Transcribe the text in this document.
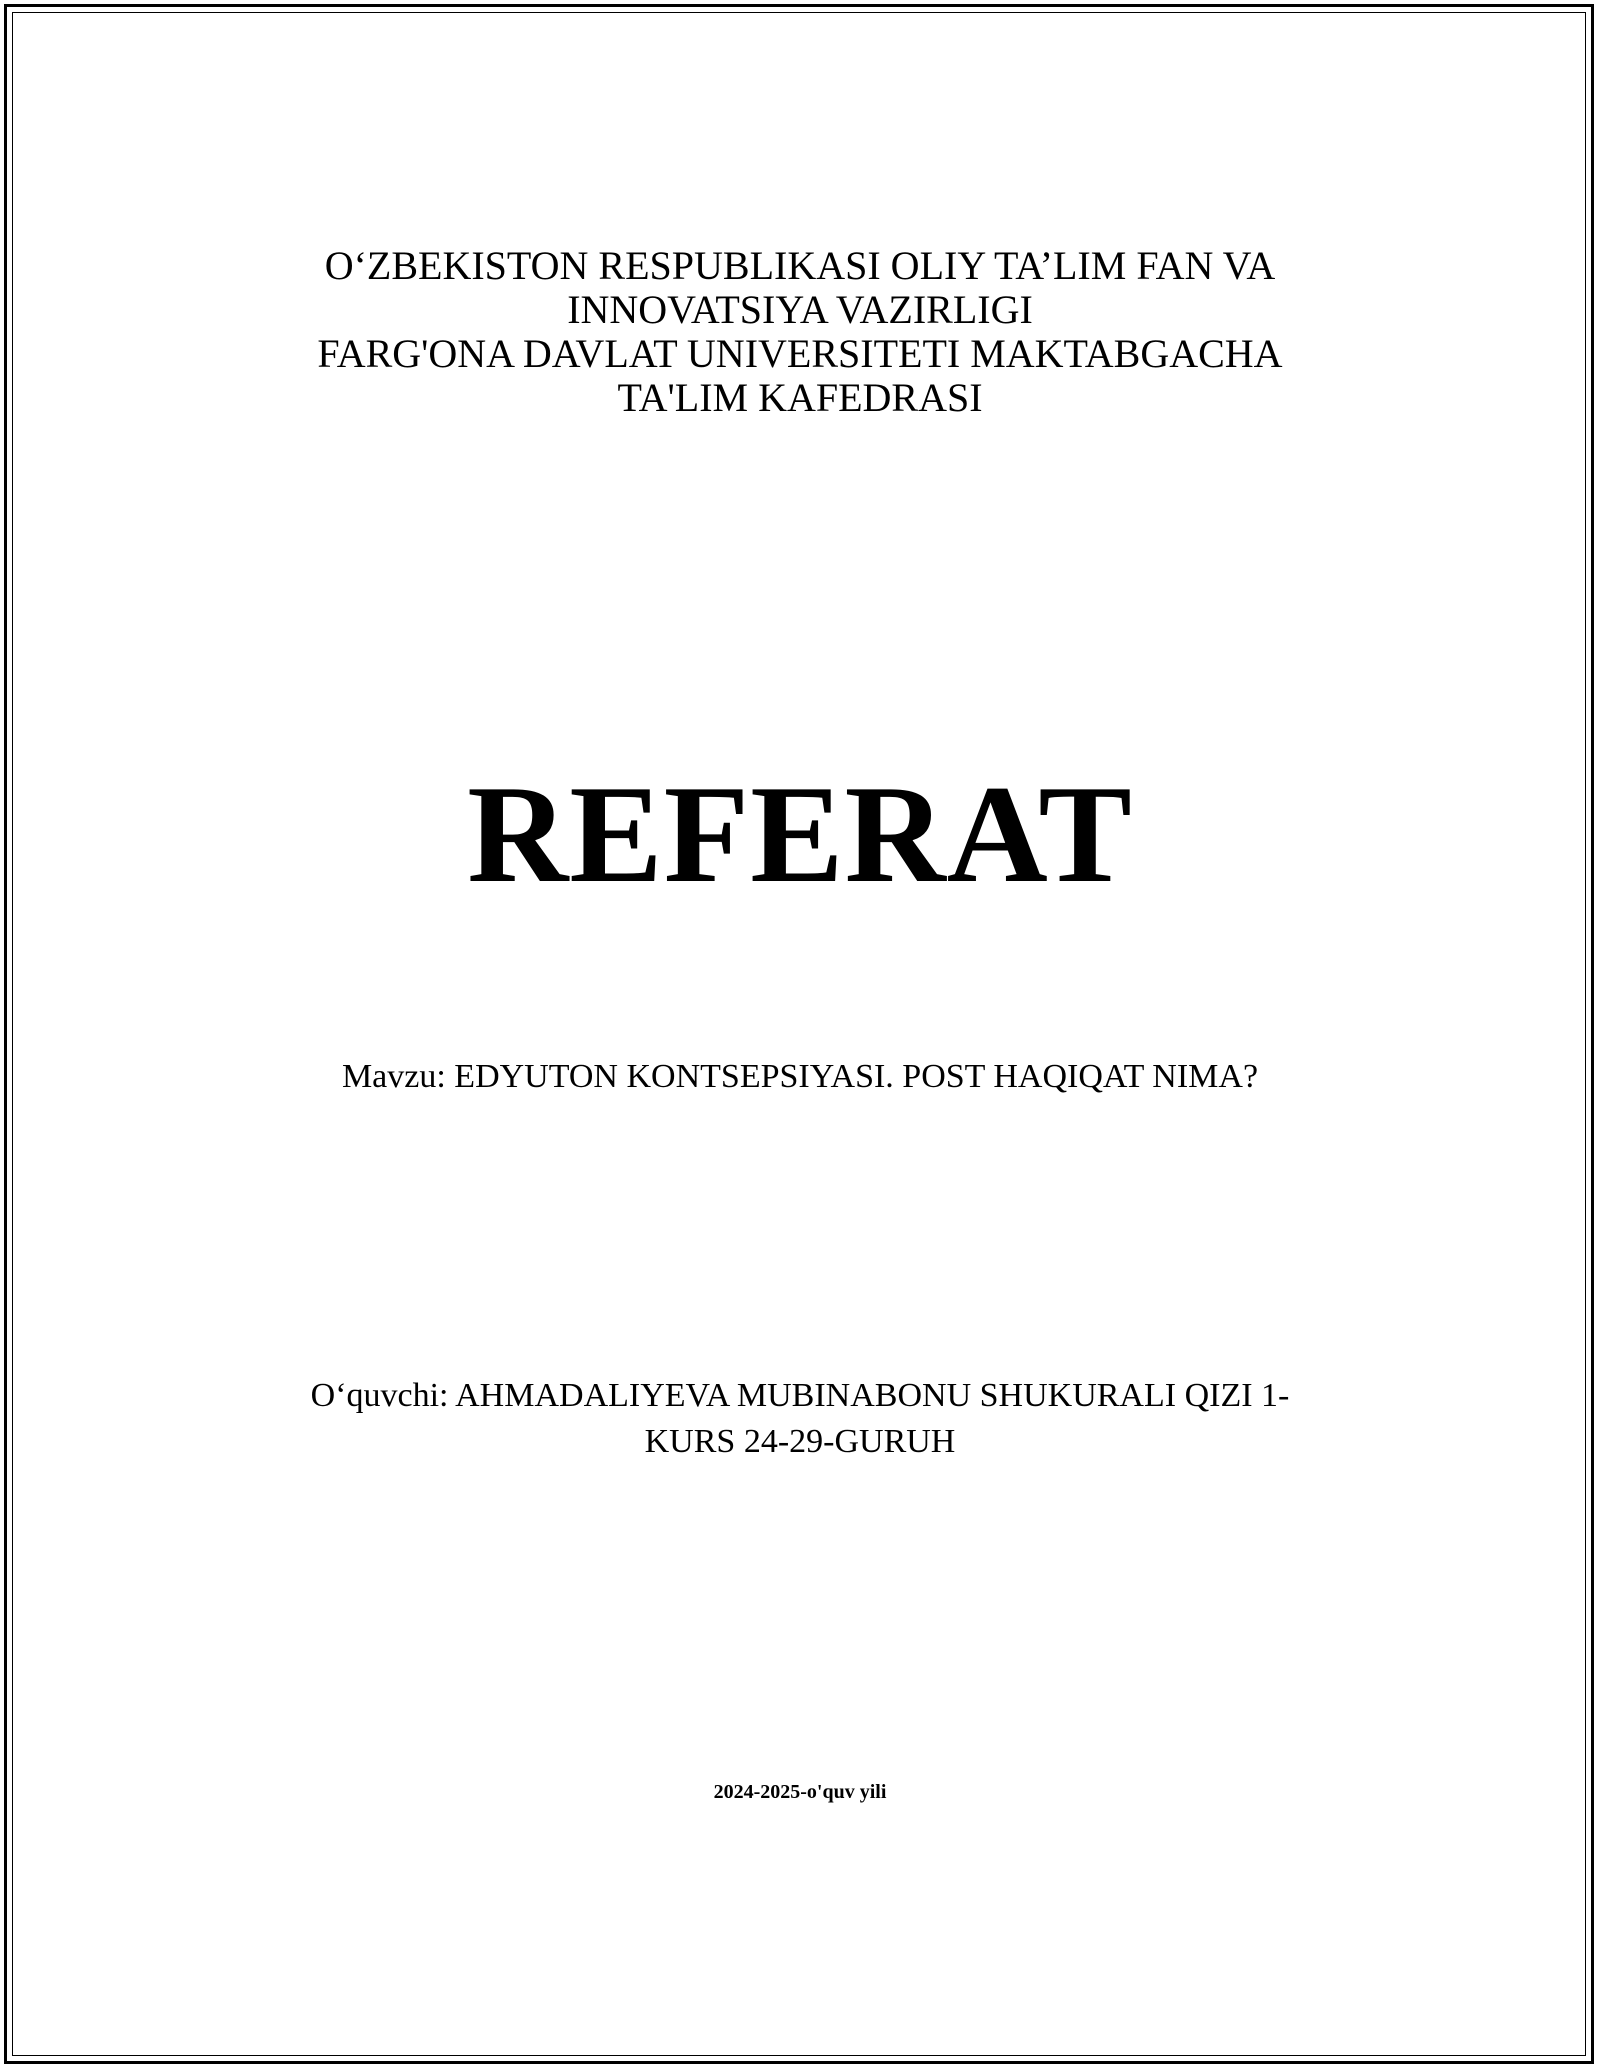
O‘ZBEKISTON RESPUBLIKASI OLIY TA’LIM FAN VA
INNOVATSIYA VAZIRLIGI
FARG'ONA DAVLAT UNIVERSITETI MAKTABGACHA
TA'LIM KAFEDRASI
REFERAT
Mavzu: EDYUTON KONTSEPSIYASI. POST HAQIQAT NIMA?
O‘quvchi: AHMADALIYEVA MUBINABONU SHUKURALI QIZI 1-
KURS 24-29-GURUH
2024-2025-o'quv yili
